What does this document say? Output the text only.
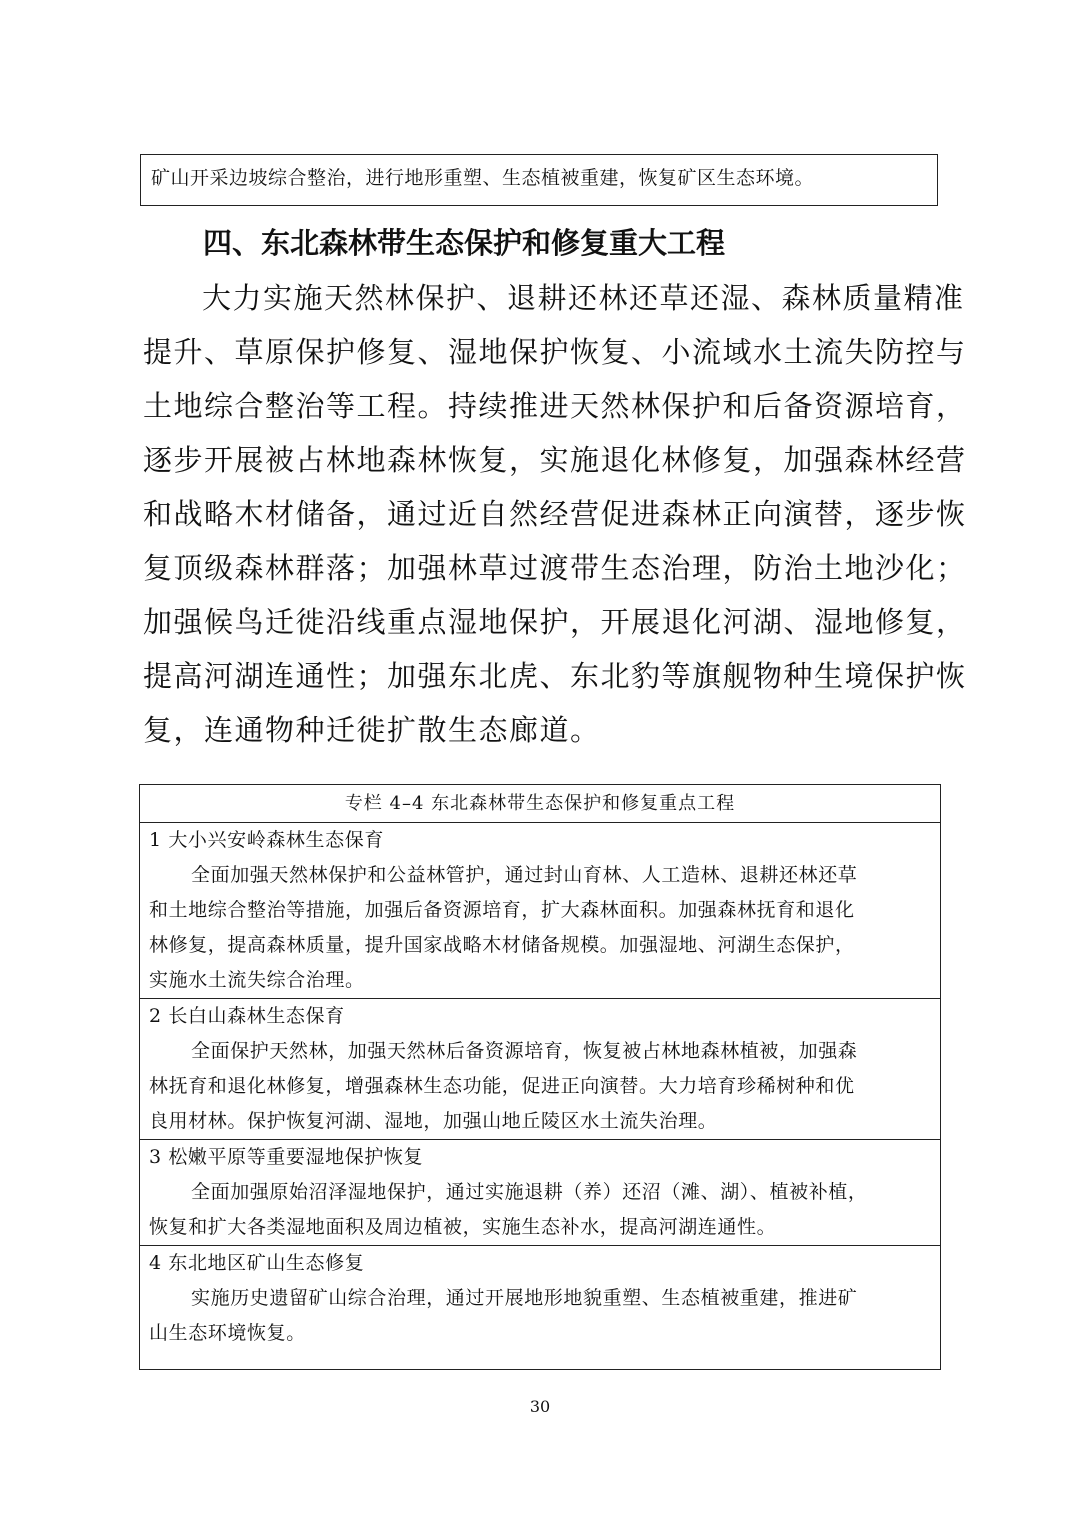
矿山开采边坡综合整治，进行地形重塑、生态植被重建，恢复矿区生态环境。

四、东北森林带生态保护和修复重大工程
大力实施天然林保护、退耕还林还草还湿、森林质量精准
提升、草原保护修复、湿地保护恢复、小流域水土流失防控与
土地综合整治等工程。持续推进天然林保护和后备资源培育，
逐步开展被占林地森林恢复，实施退化林修复，加强森林经营
和战略木材储备，通过近自然经营促进森林正向演替，逐步恢
复顶级森林群落；加强林草过渡带生态治理，防治土地沙化；
加强候鸟迁徙沿线重点湿地保护，开展退化河湖、湿地修复，
提高河湖连通性；加强东北虎、东北豹等旗舰物种生境保护恢
复，连通物种迁徙扩散生态廊道。
专栏 4–4 东北森林带生态保护和修复重点工程
1 大小兴安岭森林生态保育
全面加强天然林保护和公益林管护，通过封山育林、人工造林、退耕还林还草
和土地综合整治等措施，加强后备资源培育，扩大森林面积。加强森林抚育和退化
林修复，提高森林质量，提升国家战略木材储备规模。加强湿地、河湖生态保护，
实施水土流失综合治理。
2 长白山森林生态保育
全面保护天然林，加强天然林后备资源培育，恢复被占林地森林植被，加强森
林抚育和退化林修复，增强森林生态功能，促进正向演替。大力培育珍稀树种和优
良用材林。保护恢复河湖、湿地，加强山地丘陵区水土流失治理。
3 松嫩平原等重要湿地保护恢复
全面加强原始沼泽湿地保护，通过实施退耕（养）还沼（滩、湖）、植被补植，
恢复和扩大各类湿地面积及周边植被，实施生态补水，提高河湖连通性。
4 东北地区矿山生态修复
实施历史遗留矿山综合治理，通过开展地形地貌重塑、生态植被重建，推进矿
山生态环境恢复。
30
